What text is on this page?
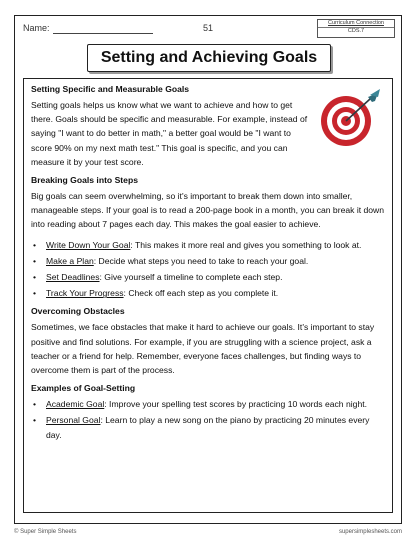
Name:	51	Curriculum Connection
CDS.7
Setting and Achieving Goals
Setting Specific and Measurable Goals

Setting goals helps us know what we want to achieve and how to get there. Goals should be specific and measurable. For example, instead of saying "I want to do better in math," a better goal would be "I want to score 90% on my next math test." This goal is specific, and you can measure it by your test score.

Breaking Goals into Steps

Big goals can seem overwhelming, so it's important to break them down into smaller, manageable steps. If your goal is to read a 200-page book in a month, you can break it down into reading about 7 pages each day. This makes the goal easier to achieve.

• Write Down Your Goal: This makes it more real and gives you something to look at.
• Make a Plan: Decide what steps you need to take to reach your goal.
• Set Deadlines: Give yourself a timeline to complete each step.
• Track Your Progress: Check off each step as you complete it.
Overcoming Obstacles

Sometimes, we face obstacles that make it hard to achieve our goals. It's important to stay positive and find solutions. For example, if you are struggling with a science project, ask a teacher or a friend for help. Remember, everyone faces challenges, but finding ways to overcome them is part of the process.

Examples of Goal-Setting
• Academic Goal: Improve your spelling test scores by practicing 10 words each night.
• Personal Goal: Learn to play a new song on the piano by practicing 20 minutes every day.
© Super Simple Sheets	supersimplesheets.com
